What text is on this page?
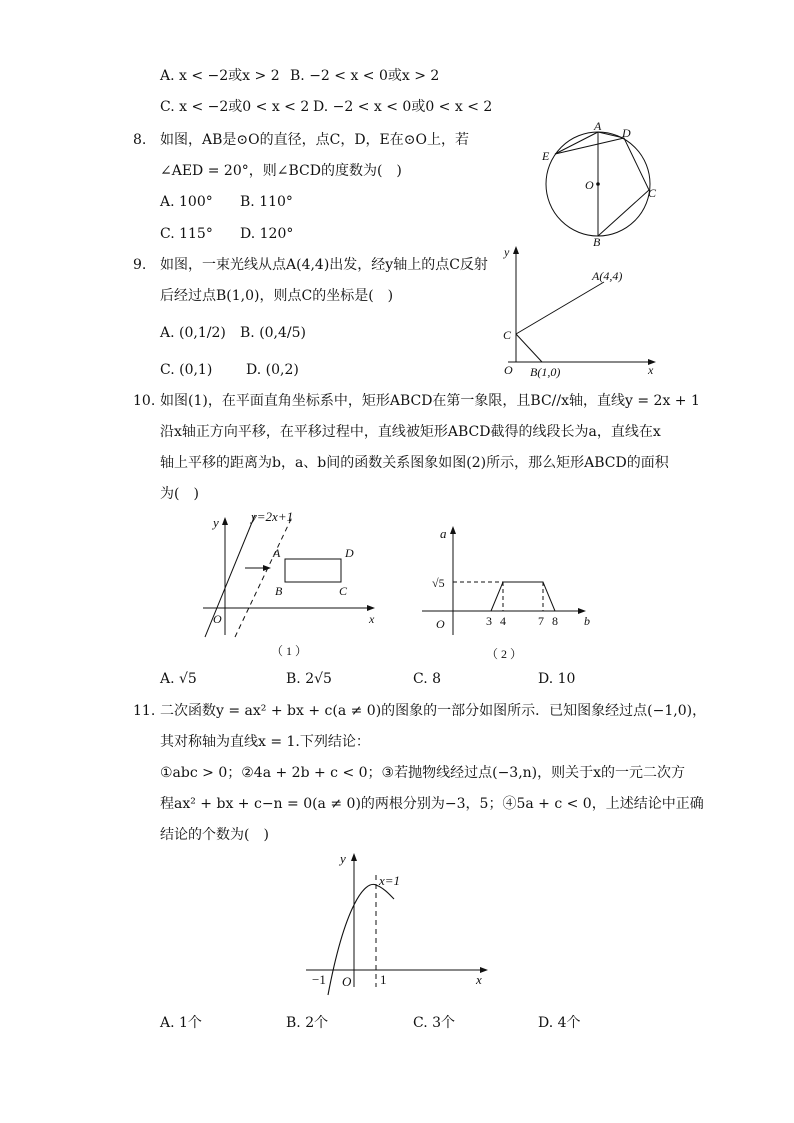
A. x < −2或x > 2 B. −2 < x < 0或x > 2
C. x < −2或0 < x < 2 D. −2 < x < 0或0 < x < 2
8. 如图，AB是⊙O的直径，点C，D，E在⊙O上，若
∠AED = 20°，则∠BCD的度数为(　)
A. 100° B. 110°
C. 115° D. 120°
A D
E
O
C
B
9. 如图，一束光线从点A(4,4)出发，经y轴上的点C反射
后经过点B(1,0)，则点C的坐标是(　)
A. (0,1/2) B. (0,4/5)
C. (0,1) D. (0,2)
y
x
A(4,4)
C
O B(1,0)
10. 如图(1)，在平面直角坐标系中，矩形ABCD在第一象限，且BC//x轴，直线y = 2x + 1
沿x轴正方向平移，在平移过程中，直线被矩形ABCD截得的线段长为a，直线在x
轴上平移的距离为b，a、b间的函数关系图象如图(2)所示，那么矩形ABCD的面积
为(　)
y y=2x+1
A	D
B	C
O	x
（ 1 ）
a
√5
O	3 4	7 8 b
（ 2 ）
A. √5	B. 2√5	C. 8	D. 10
11. 二次函数y = ax² + bx + c(a ≠ 0)的图象的一部分如图所示．已知图象经过点(−1,0)，
其对称轴为直线x = 1.下列结论：
①abc > 0；②4a + 2b + c < 0；③若抛物线经过点(−3,n)，则关于x的一元二次方
程ax² + bx + c−n = 0(a ≠ 0)的两根分别为−3，5；④5a + c < 0，上述结论中正确
结论的个数为(　)
y
x=1
−1 O 1	x
A. 1个	B. 2个	C. 3个	D. 4个
